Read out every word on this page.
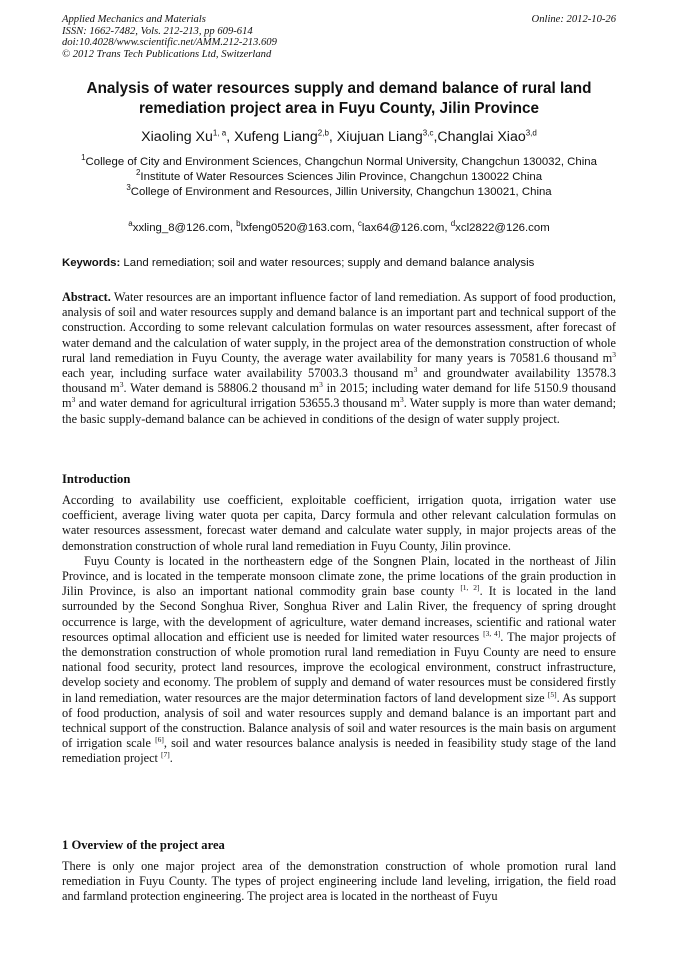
Applied Mechanics and Materials
ISSN: 1662-7482, Vols. 212-213, pp 609-614
doi:10.4028/www.scientific.net/AMM.212-213.609
© 2012 Trans Tech Publications Ltd, Switzerland
Online: 2012-10-26
Analysis of water resources supply and demand balance of rural land
remediation project area in Fuyu County, Jilin Province
Xiaoling Xu$^{1, a}$, Xufeng Liang$^{2,b}$, Xiujuan Liang$^{3,c}$,Changlai Xiao$^{3,d}$
$^1$College of City and Environment Sciences, Changchun Normal University, Changchun 130032, China
$^2$Institute of Water Resources Sciences Jilin Province, Changchun 130022 China
$^3$College of Environment and Resources, Jillin University, Changchun 130021, China
$^a$xxling_8@126.com, $^b$lxfeng0520@163.com, $^c$lax64@126.com, $^d$xcl2822@126.com
Keywords: Land remediation; soil and water resources; supply and demand balance analysis

Abstract. Water resources are an important influence factor of land remediation. As support of food production, analysis of soil and water resources supply and demand balance is an important part and technical support of the construction. According to some relevant calculation formulas on water resources assessment, after forecast of water demand and the calculation of water supply, in the project area of the demonstration construction of whole rural land remediation in Fuyu County, the average water availability for many years is 70581.6 thousand $m^3$ each year, including surface water availability 57003.3 thousand $m^3$ and groundwater availability 13578.3 thousand $m^3$. Water demand is 58806.2 thousand $m^3$ in 2015; including water demand for life 5150.9 thousand $m^3$ and water demand for agricultural irrigation 53655.3 thousand $m^3$. Water supply is more than water demand; the basic supply-demand balance can be achieved in conditions of the design of water supply project.

Introduction

According to availability use coefficient, exploitable coefficient, irrigation quota, irrigation water use coefficient, average living water quota per capita, Darcy formula and other relevant calculation formulas on water resources assessment, forecast water demand and calculate water supply, in major projects areas of the demonstration construction of whole rural land remediation in Fuyu County, Jilin province.

Fuyu County is located in the northeastern edge of the Songnen Plain, located in the northeast of Jilin Province, and is located in the temperate monsoon climate zone, the prime locations of the grain production in Jilin Province, is also an important national commodity grain base county [1, 2]. It is located in the land surrounded by the Second Songhua River, Songhua River and Lalin River, the frequency of spring drought occurrence is large, with the development of agriculture, water demand increases, scientific and rational water resources optimal allocation and efficient use is needed for limited water resources [3, 4]. The major projects of the demonstration construction of whole promotion rural land remediation in Fuyu County are need to ensure national food security, protect land resources, improve the ecological environment, construct infrastructure, develop society and economy. The problem of supply and demand of water resources must be considered firstly in land remediation, water resources are the major determination factors of land development size [5]. As support of food production, analysis of soil and water resources supply and demand balance is an important part and technical support of the construction. Balance analysis of soil and water resources is the main basis on argument of irrigation scale [6], soil and water resources balance analysis is needed in feasibility study stage of the land remediation project [7].

1 Overview of the project area

There is only one major project area of the demonstration construction of whole promotion rural land remediation in Fuyu County. The types of project engineering include land leveling, irrigation, the field road and farmland protection engineering. The project area is located in the northeast of Fuyu
